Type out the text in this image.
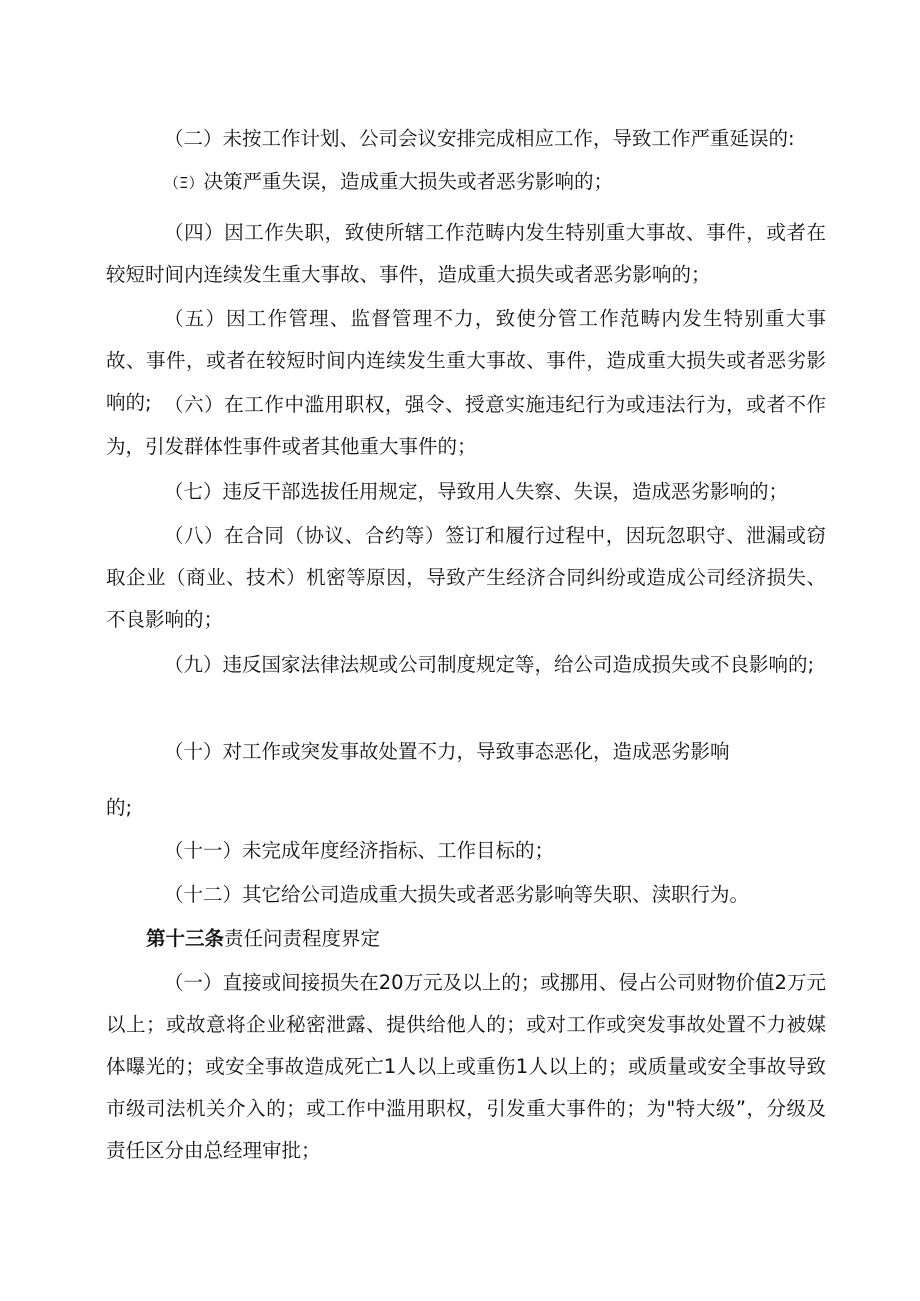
（二）未按工作计划、公司会议安排完成相应工作，导致工作严重延误的:

（Ξ）决策严重失误，造成重大损失或者恶劣影响的；

（四）因工作失职，致使所辖工作范畴内发生特别重大事故、事件，或者在较短时间内连续发生重大事故、事件，造成重大损失或者恶劣影响的；

（五）因工作管理、监督管理不力，致使分管工作范畴内发生特别重大事故、事件，或者在较短时间内连续发生重大事故、事件，造成重大损失或者恶劣影响的; （六）在工作中滥用职权，强令、授意实施违纪行为或违法行为，或者不作为，引发群体性事件或者其他重大事件的；

（七）违反干部选拔任用规定，导致用人失察、失误，造成恶劣影响的；

（八）在合同（协议、合约等）签订和履行过程中，因玩忽职守、泄漏或窃取企业（商业、技术）机密等原因，导致产生经济合同纠纷或造成公司经济损失、不良影响的；

（九）违反国家法律法规或公司制度规定等，给公司造成损失或不良影响的;

（十）对工作或突发事故处置不力，导致事态恶化，造成恶劣影响

的;

（十一）未完成年度经济指标、工作目标的；

（十二）其它给公司造成重大损失或者恶劣影响等失职、渎职行为。

第十三条责任问责程度界定

（一）直接或间接损失在20万元及以上的；或挪用、侵占公司财物价值2万元以上；或故意将企业秘密泄露、提供给他人的；或对工作或突发事故处置不力被媒体曝光的；或安全事故造成死亡1人以上或重伤1人以上的；或质量或安全事故导致市级司法机关介入的；或工作中滥用职权，引发重大事件的；为"特大级”，分级及责任区分由总经理审批；
